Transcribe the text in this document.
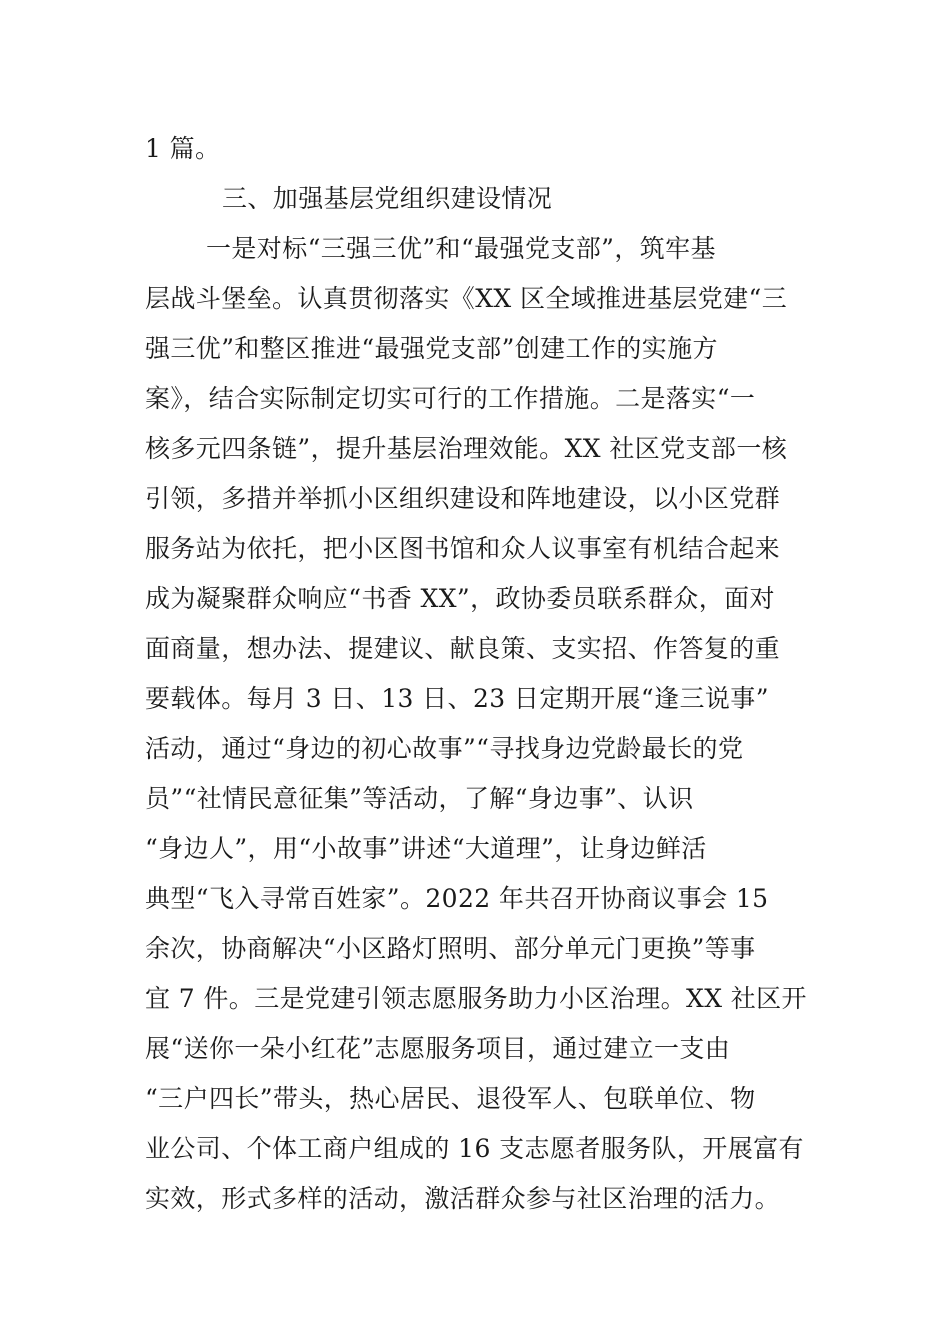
1 篇。
三、加强基层党组织建设情况
一是对标“三强三优”和“最强党支部”，筑牢基
层战斗堡垒。认真贯彻落实《XX 区全域推进基层党建“三
强三优”和整区推进“最强党支部”创建工作的实施方
案》，结合实际制定切实可行的工作措施。二是落实“一
核多元四条链”，提升基层治理效能。XX 社区党支部一核
引领，多措并举抓小区组织建设和阵地建设，以小区党群
服务站为依托，把小区图书馆和众人议事室有机结合起来
成为凝聚群众响应“书香 XX”，政协委员联系群众，面对
面商量，想办法、提建议、献良策、支实招、作答复的重
要载体。每月 3 日、13 日、23 日定期开展“逢三说事”
活动，通过“身边的初心故事”“寻找身边党龄最长的党
员”“社情民意征集”等活动，了解“身边事”、认识
“身边人”，用“小故事”讲述“大道理”，让身边鲜活
典型“飞入寻常百姓家”。2022 年共召开协商议事会 15
余次，协商解决“小区路灯照明、部分单元门更换”等事
宜 7 件。三是党建引领志愿服务助力小区治理。XX 社区开
展“送你一朵小红花”志愿服务项目，通过建立一支由
“三户四长”带头，热心居民、退役军人、包联单位、物
业公司、个体工商户组成的 16 支志愿者服务队，开展富有
实效，形式多样的活动，激活群众参与社区治理的活力。
